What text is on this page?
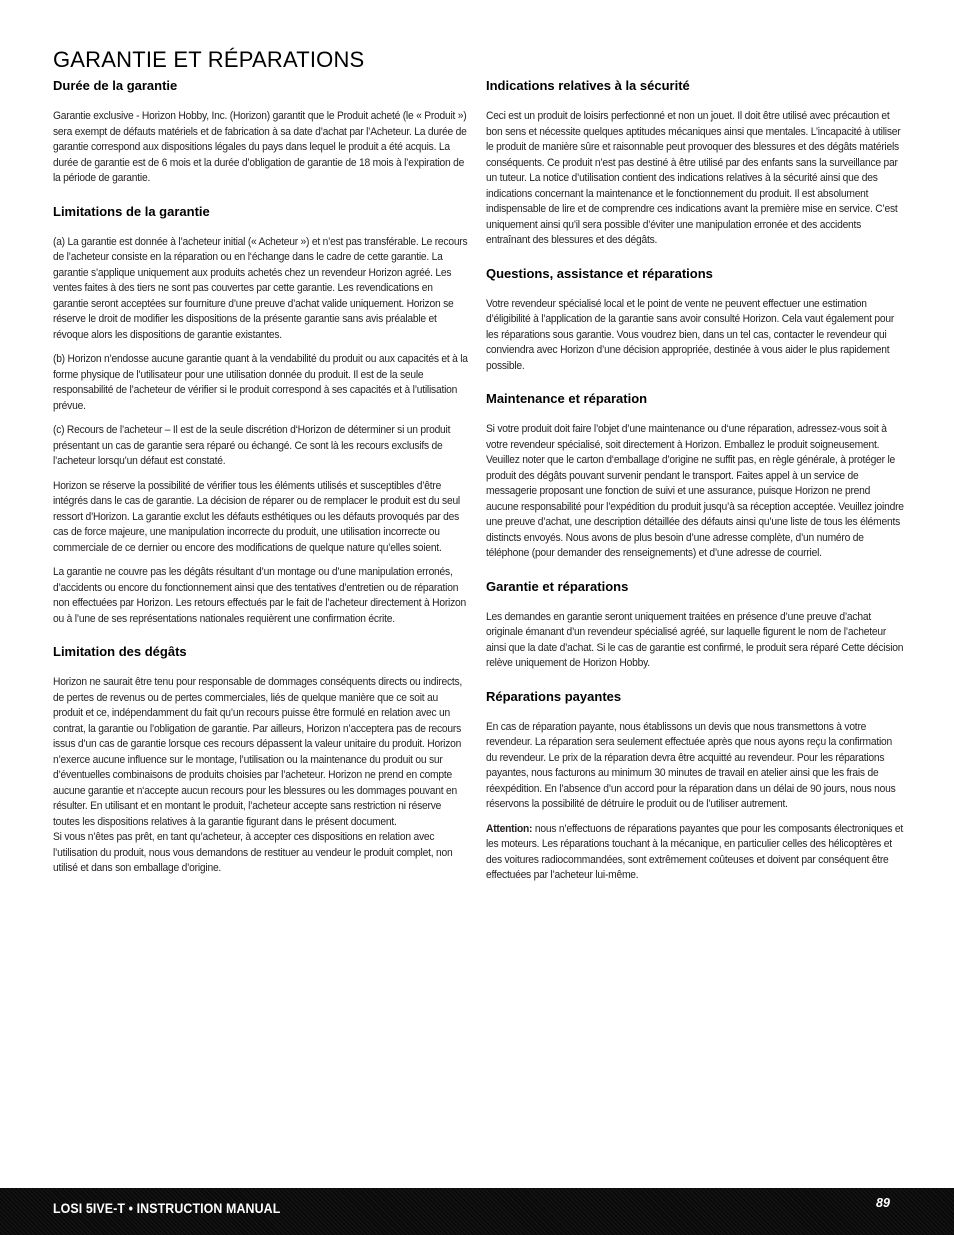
GARANTIE ET RÉPARATIONS
Durée de la garantie

Garantie exclusive - Horizon Hobby, Inc. (Horizon) garantit que le Produit acheté (le « Produit ») sera exempt de défauts matériels et de fabrication à sa date d’achat par l’Acheteur. La durée de garantie correspond aux dispositions légales du pays dans lequel le produit a été acquis. La durée de garantie est de 6 mois et la durée d’obligation de garantie de 18 mois à l’expiration de la période de garantie.

Limitations de la garantie

(a) La garantie est donnée à l’acheteur initial (« Acheteur ») et n’est pas transférable. Le recours de l’acheteur consiste en la réparation ou en l‘échange dans le cadre de cette garantie. La garantie s’applique uniquement aux produits achetés chez un revendeur Horizon agréé. Les ventes faites à des tiers ne sont pas couvertes par cette garantie. Les revendications en garantie seront acceptées sur fourniture d’une preuve d’achat valide uniquement. Horizon se réserve le droit de modifier les dispositions de la présente garantie sans avis préalable et révoque alors les dispositions de garantie existantes.

(b) Horizon n’endosse aucune garantie quant à la vendabilité du produit ou aux capacités et à la forme physique de l’utilisateur pour une utilisation donnée du produit. Il est de la seule responsabilité de l’acheteur de vérifier si le produit correspond à ses capacités et à l’utilisation prévue.

(c) Recours de l’acheteur – Il est de la seule discrétion d‘Horizon de déterminer si un produit présentant un cas de garantie sera réparé ou échangé. Ce sont là les recours exclusifs de l’acheteur lorsqu’un défaut est constaté.

Horizon se réserve la possibilité de vérifier tous les éléments utilisés et susceptibles d’être intégrés dans le cas de garantie. La décision de réparer ou de remplacer le produit est du seul ressort d’Horizon. La garantie exclut les défauts esthétiques ou les défauts provoqués par des cas de force majeure, une manipulation incorrecte du produit, une utilisation incorrecte ou commerciale de ce dernier ou encore des modifications de quelque nature qu’elles soient.

La garantie ne couvre pas les dégâts résultant d’un montage ou d’une manipulation erronés, d’accidents ou encore du fonctionnement ainsi que des tentatives d’entretien ou de réparation non effectuées par Horizon. Les retours effectués par le fait de l’acheteur directement à Horizon ou à l’une de ses représentations nationales requièrent une confirmation écrite.

Limitation des dégâts

Horizon ne saurait être tenu pour responsable de dommages conséquents directs ou indirects, de pertes de revenus ou de pertes commerciales, liés de quelque manière que ce soit au produit et ce, indépendamment du fait qu’un recours puisse être formulé en relation avec un contrat, la garantie ou l’obligation de garantie. Par ailleurs, Horizon n’acceptera pas de recours issus d’un cas de garantie lorsque ces recours dépassent la valeur unitaire du produit. Horizon n’exerce aucune influence sur le montage, l’utilisation ou la maintenance du produit ou sur d’éventuelles combinaisons de produits choisies par l’acheteur. Horizon ne prend en compte aucune garantie et n‘accepte aucun recours pour les blessures ou les dommages pouvant en résulter. En utilisant et en montant le produit, l’acheteur accepte sans restriction ni réserve toutes les dispositions relatives à la garantie figurant dans le présent document.

Si vous n’êtes pas prêt, en tant qu’acheteur, à accepter ces dispositions en relation avec l’utilisation du produit, nous vous demandons de restituer au vendeur le produit complet, non utilisé et dans son emballage d’origine.

Indications relatives à la sécurité

Ceci est un produit de loisirs perfectionné et non un jouet. Il doit être utilisé avec précaution et bon sens et nécessite quelques aptitudes mécaniques ainsi que mentales. L’incapacité à utiliser le produit de manière sûre et raisonnable peut provoquer des blessures et des dégâts matériels conséquents. Ce produit n’est pas destiné à être utilisé par des enfants sans la surveillance par un tuteur. La notice d’utilisation contient des indications relatives à la sécurité ainsi que des indications concernant la maintenance et le fonctionnement du produit. Il est absolument indispensable de lire et de comprendre ces indications avant la première mise en service. C’est uniquement ainsi qu’il sera possible d’éviter une manipulation erronée et des accidents entraînant des blessures et des dégâts.

Questions, assistance et réparations

Votre revendeur spécialisé local et le point de vente ne peuvent effectuer une estimation d’éligibilité à l’application de la garantie sans avoir consulté Horizon. Cela vaut également pour les réparations sous garantie. Vous voudrez bien, dans un tel cas, contacter le revendeur qui conviendra avec Horizon d’une décision appropriée, destinée à vous aider le plus rapidement possible.

Maintenance et réparation

Si votre produit doit faire l’objet d’une maintenance ou d‘une réparation, adressez-vous soit à votre revendeur spécialisé, soit directement à Horizon. Emballez le produit soigneusement. Veuillez noter que le carton d‘emballage d’origine ne suffit pas, en règle générale, à protéger le produit des dégâts pouvant survenir pendant le transport. Faites appel à un service de messagerie proposant une fonction de suivi et une assurance, puisque Horizon ne prend aucune responsabilité pour l’expédition du produit jusqu’à sa réception acceptée. Veuillez joindre une preuve d’achat, une description détaillée des défauts ainsi qu’une liste de tous les éléments distincts envoyés. Nous avons de plus besoin d’une adresse complète, d’un numéro de téléphone (pour demander des renseignements) et d’une adresse de courriel.

Garantie et réparations

Les demandes en garantie seront uniquement traitées en présence d’une preuve d’achat originale émanant d’un revendeur spécialisé agréé, sur laquelle figurent le nom de l’acheteur ainsi que la date d’achat. Si le cas de garantie est confirmé, le produit sera réparé Cette décision relève uniquement de Horizon Hobby.

Réparations payantes

En cas de réparation payante, nous établissons un devis que nous transmettons à votre revendeur. La réparation sera seulement effectuée après que nous ayons reçu la confirmation du revendeur. Le prix de la réparation devra être acquitté au revendeur. Pour les réparations payantes, nous facturons au minimum 30 minutes de travail en atelier ainsi que les frais de réexpédition. En l’absence d’un accord pour la réparation dans un délai de 90 jours, nous nous réservons la possibilité de détruire le produit ou de l’utiliser autrement.

Attention: nous n’effectuons de réparations payantes que pour les composants électroniques et les moteurs. Les réparations touchant à la mécanique, en particulier celles des hélicoptères et des voitures radiocommandées, sont extrêmement coûteuses et doivent par conséquent être effectuées par l’acheteur lui-même.

LOSI 5IVE-T • INSTRUCTION MANUAL	89
